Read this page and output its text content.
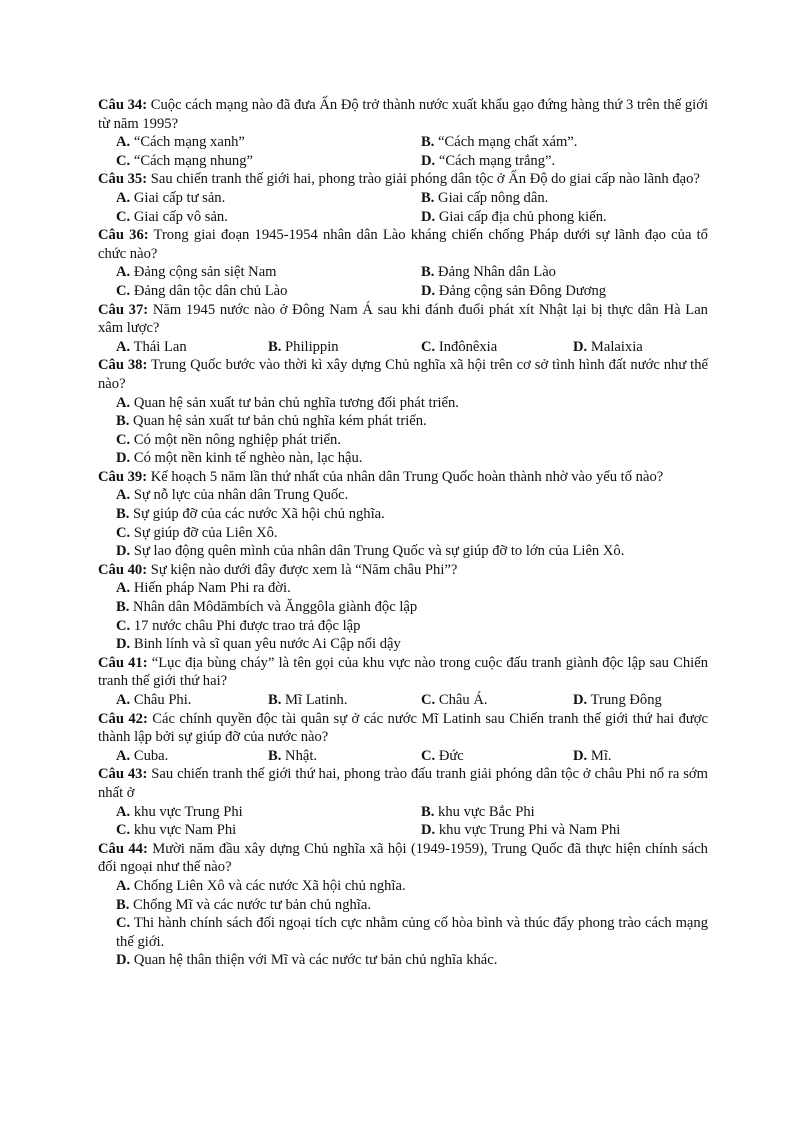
Câu 34: Cuộc cách mạng nào đã đưa Ấn Độ trở thành nước xuất khẩu gạo đứng hàng thứ 3 trên thế giới từ năm 1995?
A. “Cách mạng xanh”	B. “Cách mạng chất xám”.
C. “Cách mạng nhung”	D. “Cách mạng trắng”.
Câu 35: Sau chiến tranh thế giới hai, phong trào giải phóng dân tộc ở Ấn Độ do giai cấp nào lãnh đạo?
A. Giai cấp tư sản.	B. Giai cấp nông dân.
C. Giai cấp vô sản.	D. Giai cấp địa chủ phong kiến.
Câu 36: Trong giai đoạn 1945-1954 nhân dân Lào kháng chiến chống Pháp dưới sự lãnh đạo của tổ chức nào?
A. Đảng cộng sản siệt Nam	B. Đảng Nhân dân Lào
C. Đảng dân tộc dân chủ Lào	D. Đảng cộng sản Đông Dương
Câu 37: Năm 1945 nước nào ở Đông Nam Á sau khi đánh đuổi phát xít Nhật lại bị thực dân Hà Lan xâm lược?
A. Thái Lan	B. Philippin	C. Inđônêxia	D. Malaixia
Câu 38: Trung Quốc bước vào thời kì xây dựng Chủ nghĩa xã hội trên cơ sở tình hình đất nước như thế nào?
A. Quan hệ sản xuất tư bản chủ nghĩa tương đối phát triển.
B. Quan hệ sản xuất tư bản chủ nghĩa kém phát triển.
C. Có một nền nông nghiệp phát triển.
D. Có một nền kinh tế nghèo nàn, lạc hậu.
Câu 39: Kế hoạch 5 năm lần thứ nhất của nhân dân Trung Quốc hoàn thành nhờ vào yếu tố nào?
A. Sự nỗ lực của nhân dân Trung Quốc.
B. Sự giúp đỡ của các nước Xã hội chủ nghĩa.
C. Sự giúp đỡ của Liên Xô.
D. Sự lao động quên mình của nhân dân Trung Quốc và sự giúp đỡ to lớn của Liên Xô.
Câu 40: Sự kiện nào dưới đây được xem là “Năm châu Phi”?
A. Hiến pháp Nam Phi ra đời.
B. Nhân dân Môdămbích và Ănggôla giành độc lập
C. 17 nước châu Phi được trao trả độc lập
D. Binh lính và sĩ quan yêu nước Ai Cập nổi dậy
Câu 41: “Lục địa bùng cháy” là tên gọi của khu vực nào trong cuộc đấu tranh giành độc lập sau Chiến tranh thế giới thứ hai?
A. Châu Phi.	B. Mĩ Latinh.	C. Châu Á.	D. Trung Đông
Câu 42: Các chính quyền độc tài quân sự ở các nước Mĩ Latinh sau Chiến tranh thế giới thứ hai được thành lập bởi sự giúp đỡ của nước nào?
A. Cuba.	B. Nhật.	C. Đức	D. Mĩ.
Câu 43: Sau chiến tranh thế giới thứ hai, phong trào đấu tranh giải phóng dân tộc ở châu Phi nổ ra sớm nhất ở
A. khu vực Trung Phi	B. khu vực Bắc Phi
C. khu vực Nam Phi	D. khu vực Trung Phi và Nam Phi
Câu 44: Mười năm đầu xây dựng Chủ nghĩa xã hội (1949-1959), Trung Quốc đã thực hiện chính sách đối ngoại như thế nào?
A. Chống Liên Xô và các nước Xã hội chủ nghĩa.
B. Chống Mĩ và các nước tư bản chủ nghĩa.
C. Thi hành chính sách đối ngoại tích cực nhằm củng cố hòa bình và thúc đẩy phong trào cách mạng thế giới.
D. Quan hệ thân thiện với Mĩ và các nước tư bản chủ nghĩa khác.
